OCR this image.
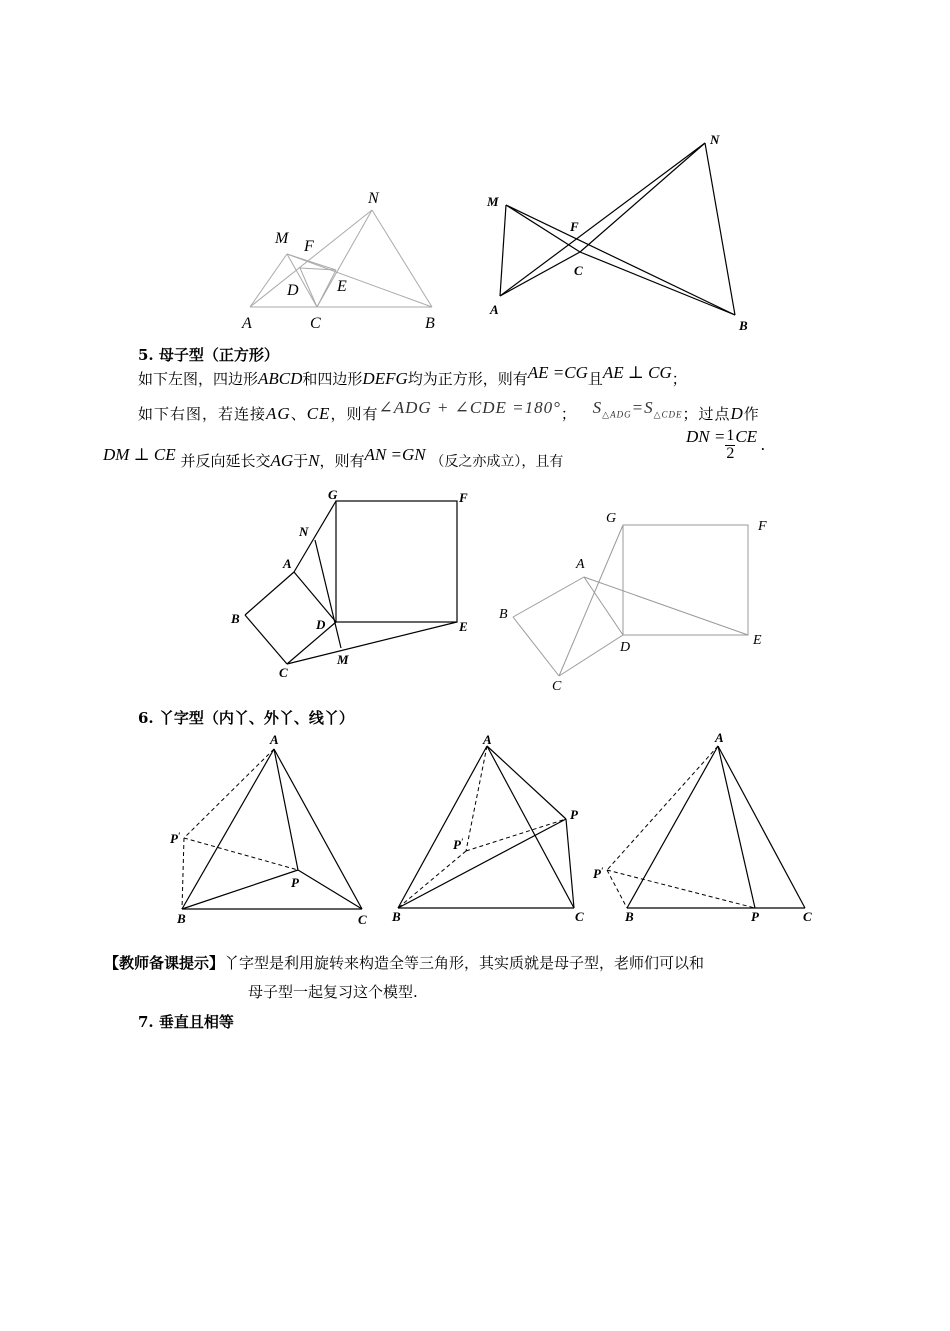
A	C	B
M F
D E
N
N
M
F
C
A
B
5. 母子型（正方形）
如下左图，四边形ABCD和四边形DEFG均为正方形，则有AE =CG且AE ⊥ CG；
如下右图，若连接AG、CE，则有∠ADG + ∠CDE =180°； $S_{\triangle ADG}=S_{\triangle CDE}$；过点D作
DM ⊥ CE 并反向延长交AG于N，则有AN =GN （反之亦成立），且有
DN = $\frac{1}{2}$ CE .
G	F
N
A
B	D	E
C
M
G
F
A
B
D	E
C
6. 丫字型（内丫、外丫、线丫）
A
P′
P
B	C
A
P
P′
B	C
A
P′
B	P	C
【教师备课提示】丫字型是利用旋转来构造全等三角形，其实质就是母子型，老师们可以和
母子型一起复习这个模型.
7. 垂直且相等
